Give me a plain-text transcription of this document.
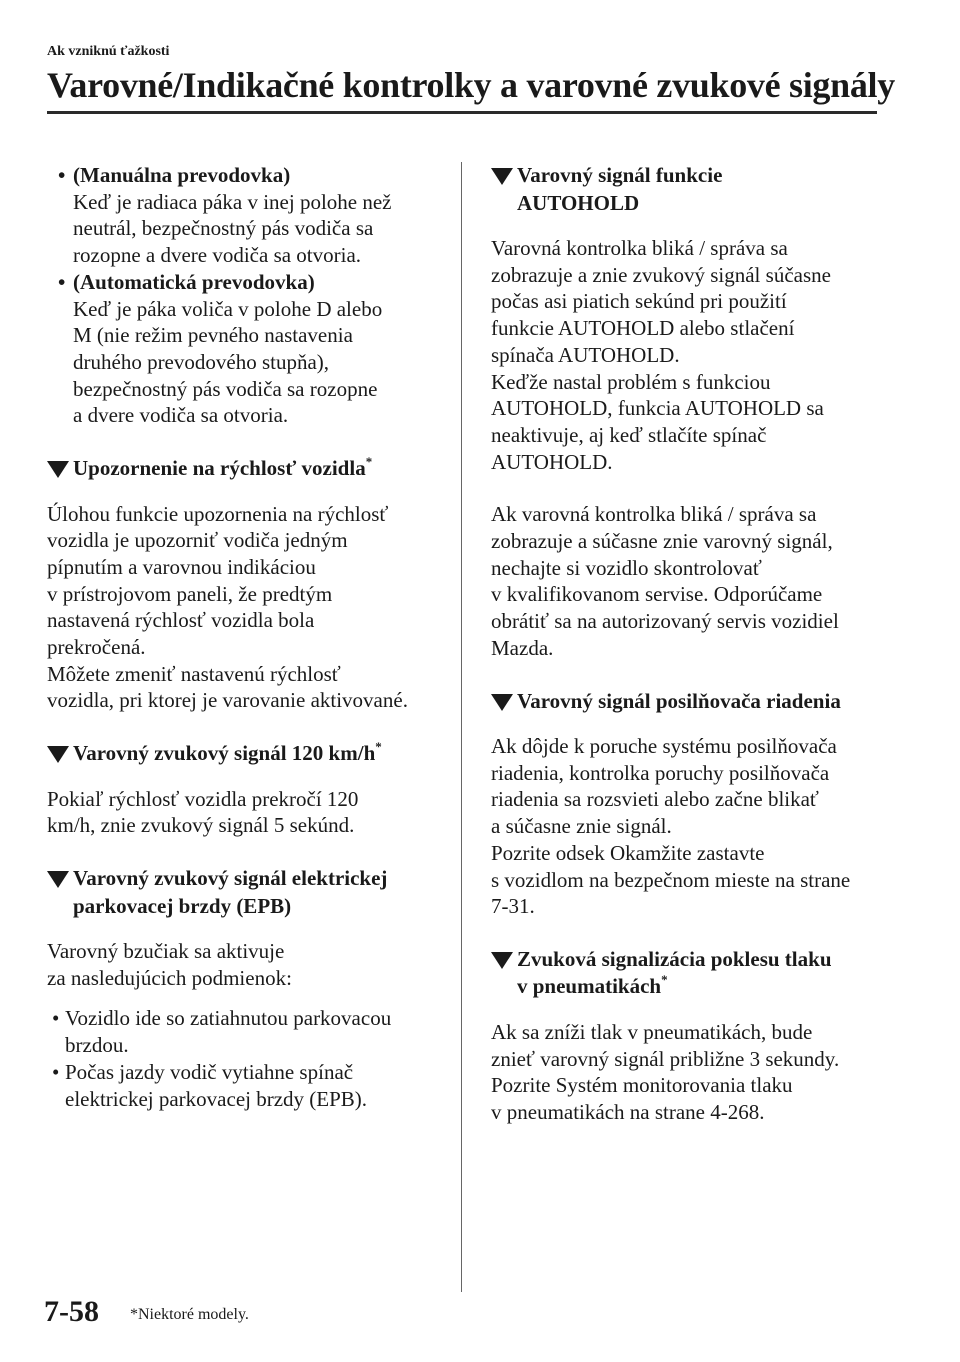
Ak vzniknú ťažkosti
Varovné/Indikačné kontrolky a varovné zvukové signály
• (Manuálna prevodovka)
Keď je radiaca páka v inej polohe než
neutrál, bezpečnostný pás vodiča sa
rozopne a dvere vodiča sa otvoria.
• (Automatická prevodovka)
Keď je páka voliča v polohe D alebo
M (nie režim pevného nastavenia
druhého prevodového stupňa),
bezpečnostný pás vodiča sa rozopne
a dvere vodiča sa otvoria.
Upozornenie na rýchlosť vozidla*
Úlohou funkcie upozornenia na rýchlosť
vozidla je upozorniť vodiča jedným
pípnutím a varovnou indikáciou
v prístrojovom paneli, že predtým
nastavená rýchlosť vozidla bola
prekročená.
Môžete zmeniť nastavenú rýchlosť
vozidla, pri ktorej je varovanie aktivované.
Varovný zvukový signál 120 km/h*
Pokiaľ rýchlosť vozidla prekročí 120
km/h, znie zvukový signál 5 sekúnd.
Varovný zvukový signál elektrickej
parkovacej brzdy (EPB)
Varovný bzučiak sa aktivuje
za nasledujúcich podmienok:
• Vozidlo ide so zatiahnutou parkovacou
brzdou.
• Počas jazdy vodič vytiahne spínač
elektrickej parkovacej brzdy (EPB).
Varovný signál funkcie
AUTOHOLD
Varovná kontrolka bliká / správa sa
zobrazuje a znie zvukový signál súčasne
počas asi piatich sekúnd pri použití
funkcie AUTOHOLD alebo stlačení
spínača AUTOHOLD.
Keďže nastal problém s funkciou
AUTOHOLD, funkcia AUTOHOLD sa
neaktivuje, aj keď stlačíte spínač
AUTOHOLD.
Ak varovná kontrolka bliká / správa sa
zobrazuje a súčasne znie varovný signál,
nechajte si vozidlo skontrolovať
v kvalifikovanom servise. Odporúčame
obrátiť sa na autorizovaný servis vozidiel
Mazda.
Varovný signál posilňovača riadenia
Ak dôjde k poruche systému posilňovača
riadenia, kontrolka poruchy posilňovača
riadenia sa rozsvieti alebo začne blikať
a súčasne znie signál.
Pozrite odsek Okamžite zastavte
s vozidlom na bezpečnom mieste na strane
7-31.
Zvuková signalizácia poklesu tlaku
v pneumatikách*
Ak sa zníži tlak v pneumatikách, bude
znieť varovný signál približne 3 sekundy.
Pozrite Systém monitorovania tlaku
v pneumatikách na strane 4-268.
7-58 *Niektoré modely.
